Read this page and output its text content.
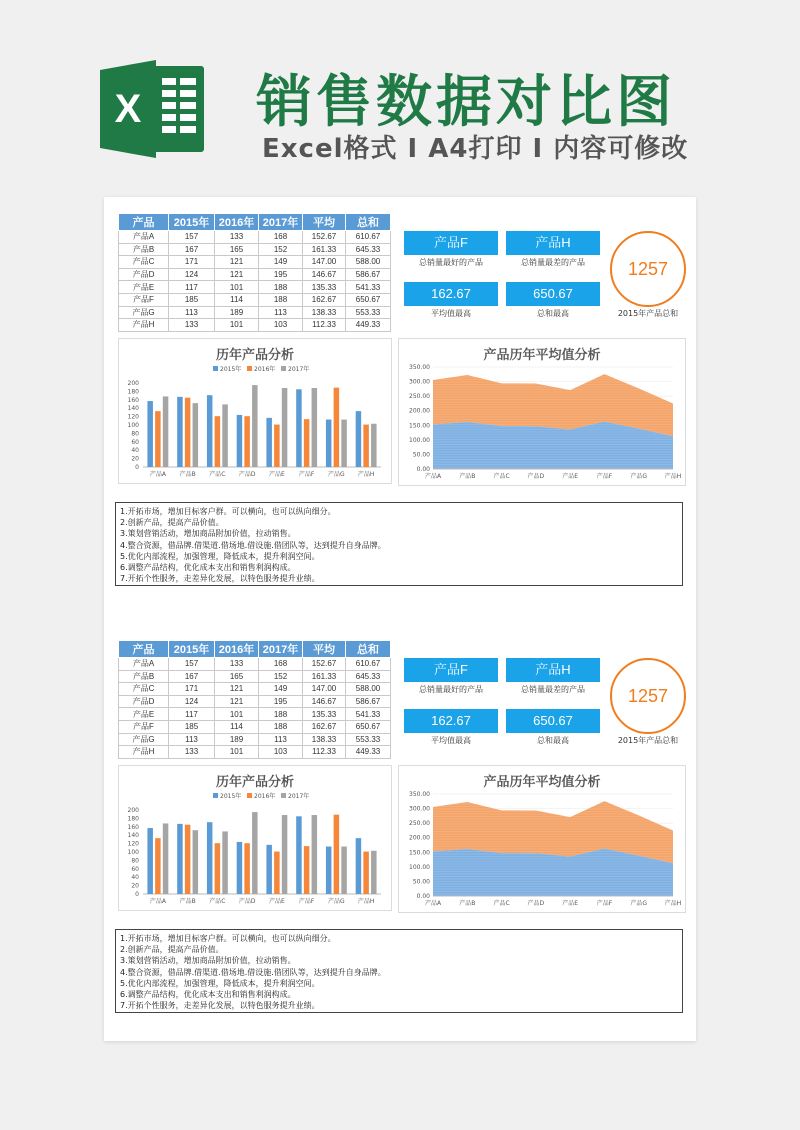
X 销售数据对比图
Excel格式 I A4打印 I 内容可修改
产品	2015年	2016年	2017年	平均	总和
产品A	157	133	168	152.67	610.67
产品B	167	165	152	161.33	645.33
产品C	171	121	149	147.00	588.00
产品D	124	121	195	146.67	586.67
产品E	117	101	188	135.33	541.33
产品F	185	114	188	162.67	650.67
产品G	113	189	113	138.33	553.33
产品H	133	101	103	112.33	449.33
产品F
总销量最好的产品
产品H
总销量最差的产品
162.67
平均值最高
650.67
总和最高
1257
2015年产品总和
历年产品分析
2015年 2016年 2017年
0
20
40
60
80
100
120
140
160
180
200
产品A 产品B 产品C 产品D 产品E 产品F 产品G 产品H
产品历年平均值分析
0.00
50.00
100.00
150.00
200.00
250.00
300.00
350.00
产品A	产品B	产品C	产品D	产品E	产品F	产品G	产品H
1.开拓市场，增加目标客户群。可以横向，也可以纵向细分。
2.创新产品，提高产品价值。
3.策划营销活动，增加商品附加价值，拉动销售。
4.整合资源，借品牌.借渠道.借场地.借设施.借团队等，达到提升自身品牌。
5.优化内部流程，加强管理，降低成本，提升利润空间。
6.调整产品结构，优化成本支出和销售利润构成。
7.开拓个性服务，走差异化发展，以特色服务提升业绩。
产品	2015年	2016年	2017年	平均	总和
产品A	157	133	168	152.67	610.67
产品B	167	165	152	161.33	645.33
产品C	171	121	149	147.00	588.00
产品D	124	121	195	146.67	586.67
产品E	117	101	188	135.33	541.33
产品F	185	114	188	162.67	650.67
产品G	113	189	113	138.33	553.33
产品H	133	101	103	112.33	449.33
产品F
总销量最好的产品
产品H
总销量最差的产品
162.67
平均值最高
650.67
总和最高
1257
2015年产品总和
历年产品分析
2015年 2016年 2017年
0
20
40
60
80
100
120
140
160
180
200
产品A 产品B 产品C 产品D 产品E 产品F 产品G 产品H
产品历年平均值分析
0.00
50.00
100.00
150.00
200.00
250.00
300.00
350.00
产品A	产品B	产品C	产品D	产品E	产品F	产品G	产品H
1.开拓市场，增加目标客户群。可以横向，也可以纵向细分。
2.创新产品，提高产品价值。
3.策划营销活动，增加商品附加价值，拉动销售。
4.整合资源，借品牌.借渠道.借场地.借设施.借团队等，达到提升自身品牌。
5.优化内部流程，加强管理，降低成本，提升利润空间。
6.调整产品结构，优化成本支出和销售利润构成。
7.开拓个性服务，走差异化发展，以特色服务提升业绩。
